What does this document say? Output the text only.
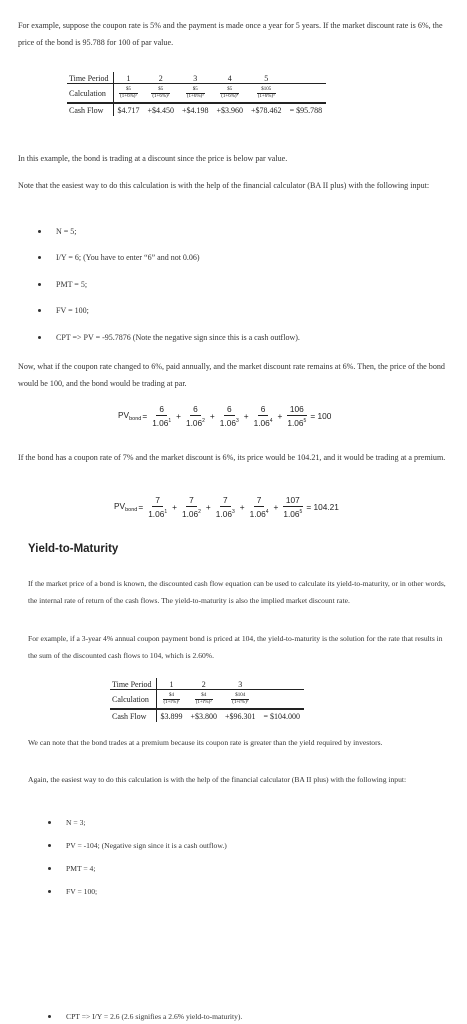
For example, suppose the coupon rate is 5% and the payment is made once a year for 5 years. If the market discount rate is 6%, the price of the bond is 95.788 for 100 of par value.

Time Period	1	2	3	4	5	
Calculation	$\frac{\$5}{\text{(1+6\%)¹}}$	$\frac{\$5}{\text{(1+6\%)²}}$	$\frac{\$5}{\text{(1+6\%)³}}$	$\frac{\$5}{\text{(1+6\%)⁴}}$	$\frac{\$105}{\text{(1+6\%)⁵}}$

Cash Flow	$4.717	+$4.450	+$4.198	+$3.960	+$78.462	= $95.788

In this example, the bond is trading at a discount since the price is below par value.

Note that the easiest way to do this calculation is with the help of the financial calculator (BA II plus) with the following input:

N = 5;
I/Y = 6; (You have to enter “6” and not 0.06)
PMT = 5;
FV = 100;
CPT => PV = -95.7876 (Note the negative sign since this is a cash outflow).

Now, what if the coupon rate changed to 6%, paid annually, and the market discount rate remains at 6%. Then, the price of the bond would be 100, and the bond would be trading at par.

$PV_{bond} = \frac{6}{1.06^1} + \frac{6}{1.06^2} + \frac{6}{1.06^3} + \frac{6}{1.06^4} + \frac{106}{1.06^5} = 100$

If the bond has a coupon rate of 7% and the market discount is 6%, its price would be 104.21, and it would be trading at a premium.

$PV_{bond} = \frac{7}{1.06^1} + \frac{7}{1.06^2} + \frac{7}{1.06^3} + \frac{7}{1.06^4} + \frac{107}{1.06^5} = 104.21$
Yield-to-Maturity

If the market price of a bond is known, the discounted cash flow equation can be used to calculate its yield-to-maturity, or in other words, the internal rate of return of the cash flows. The yield-to-maturity is also the implied market discount rate.

For example, if a 3-year 4% annual coupon payment bond is priced at 104, the yield-to-maturity is the solution for the rate that results in the sum of the discounted cash flows to 104, which is 2.60%.

Time Period	1	2	3	
Calculation	$\frac{\$4}{\text{(1+r\%)¹}}$	$\frac{\$4}{\text{(1+r\%)²}}$	$\frac{\$104}{\text{(1+r\%)³}}$

Cash Flow	$3.899	+$3.800	+$96.301	= $104.000

We can note that the bond trades at a premium because its coupon rate is greater than the yield required by investors.

Again, the easiest way to do this calculation is with the help of the financial calculator (BA II plus) with the following input:

N = 3;
PV = -104; (Negative sign since it is a cash outflow.)
PMT = 4;
FV = 100;
CPT => I/Y = 2.6 (2.6 signifies a 2.6% yield-to-maturity).
